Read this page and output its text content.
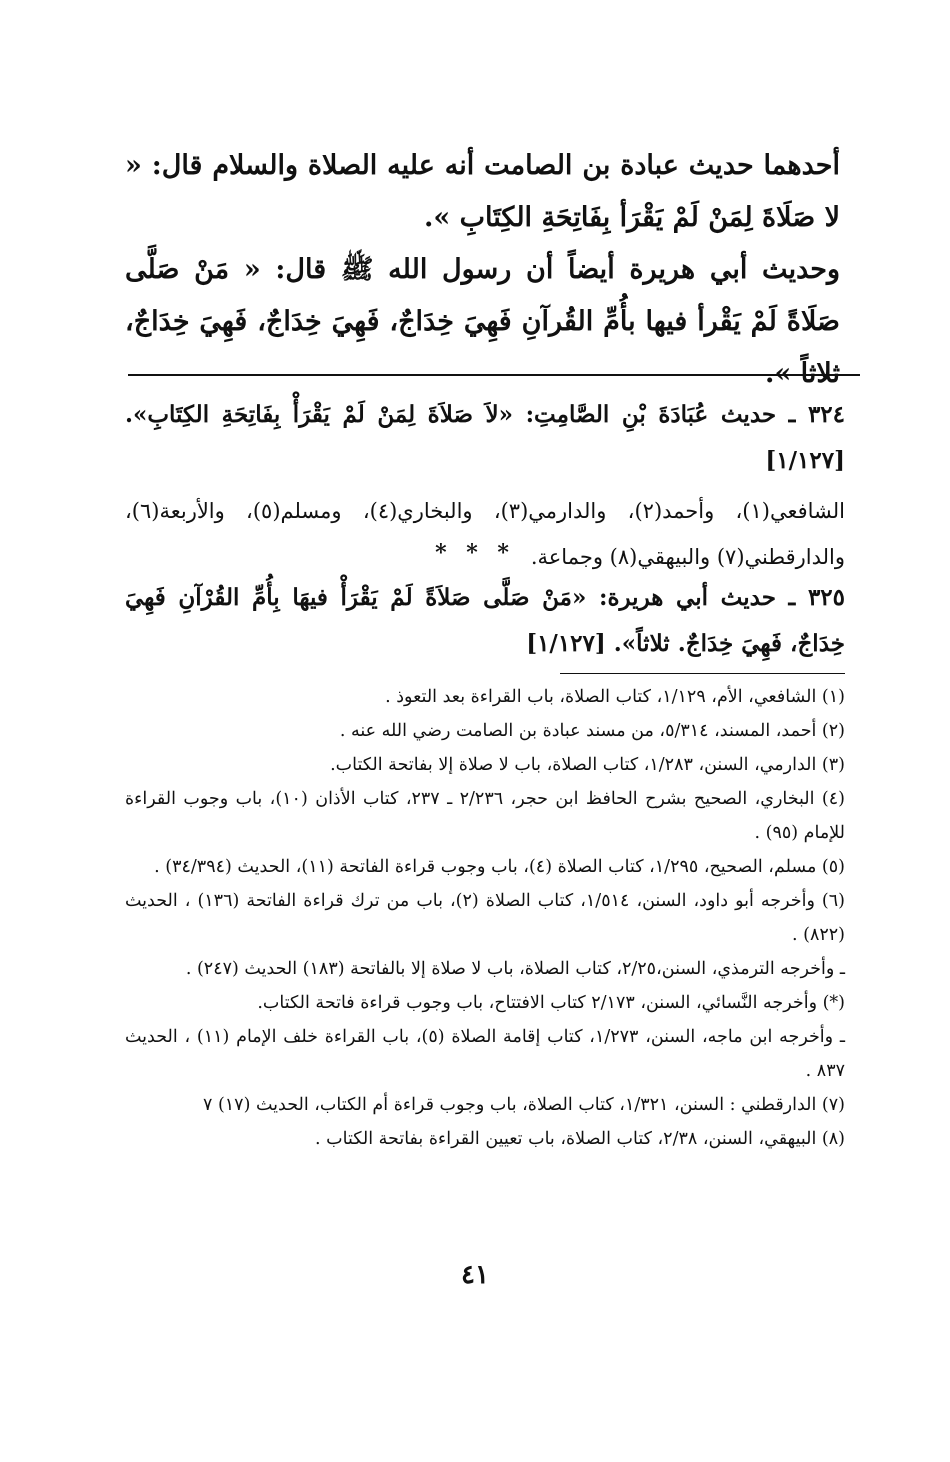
أحدهما حديث عبادة بن الصامت أنه عليه الصلاة والسلام قال: « لا صَلَاةَ لِمَنْ لَمْ يَقْرَأ بِفَاتِحَةِ الكِتَابِ ».

وحديث أبي هريرة أيضاً أن رسول الله ﷺ قال: « مَنْ صَلَّى صَلَاةً لَمْ يَقْرأ فيها بأُمِّ القُرآنِ فَهِيَ خِدَاجٌ، فَهِيَ خِدَاجٌ، فَهِيَ خِدَاجٌ، ثلاثاً ».

٣٢٤ ـ حديث عُبَادَةَ بْنِ الصَّامِتِ: «لاَ صَلاَةَ لِمَنْ لَمْ يَقْرَأْ بِفَاتِحَةِ الكِتَابِ». [١/١٢٧]
الشافعي(١)، وأحمد(٢)، والدارمي(٣)، والبخاري(٤)، ومسلم(٥)، والأربعة(٦)، والدارقطني(٧) والبيهقي(٨) وجماعة.
* * *
٣٢٥ ـ حديث أبي هريرة: «مَنْ صَلَّى صَلاَةً لَمْ يَقْرَأْ فيهَا بِأُمِّ القُرْآنِ فَهِيَ خِدَاجٌ، فَهِيَ خِدَاجٌ. ثلاثاً». [١/١٢٧]

(١) الشافعي، الأم، ١/١٢٩، كتاب الصلاة، باب القراءة بعد التعوذ .

(٢) أحمد، المسند، ٥/٣١٤، من مسند عبادة بن الصامت رضي الله عنه .

(٣) الدارمي، السنن، ١/٢٨٣، كتاب الصلاة، باب لا صلاة إلا بفاتحة الكتاب.

(٤) البخاري، الصحيح بشرح الحافظ ابن حجر، ٢/٢٣٦ ـ ٢٣٧، كتاب الأذان (١٠)، باب وجوب القراءة للإمام (٩٥) .

(٥) مسلم، الصحيح، ١/٢٩٥، كتاب الصلاة (٤)، باب وجوب قراءة الفاتحة (١١)، الحديث (٣٤/٣٩٤) .

(٦) وأخرجه أبو داود، السنن، ١/٥١٤، كتاب الصلاة (٢)، باب من ترك قراءة الفاتحة (١٣٦) ، الحديث (٨٢٢) .

ـ وأخرجه الترمذي، السنن،٢/٢٥، كتاب الصلاة، باب لا صلاة إلا بالفاتحة (١٨٣) الحديث (٢٤٧) .

(*) وأخرجه النَّسائي، السنن، ٢/١٧٣ كتاب الافتتاح، باب وجوب قراءة فاتحة الكتاب.

ـ وأخرجه ابن ماجه، السنن، ١/٢٧٣، كتاب إقامة الصلاة (٥)، باب القراءة خلف الإمام (١١) ، الحديث ٨٣٧ .

(٧) الدارقطني : السنن، ١/٣٢١، كتاب الصلاة، باب وجوب قراءة أم الكتاب، الحديث (١٧) ٧

(٨) البيهقي، السنن، ٢/٣٨، كتاب الصلاة، باب تعيين القراءة بفاتحة الكتاب .

٤١
